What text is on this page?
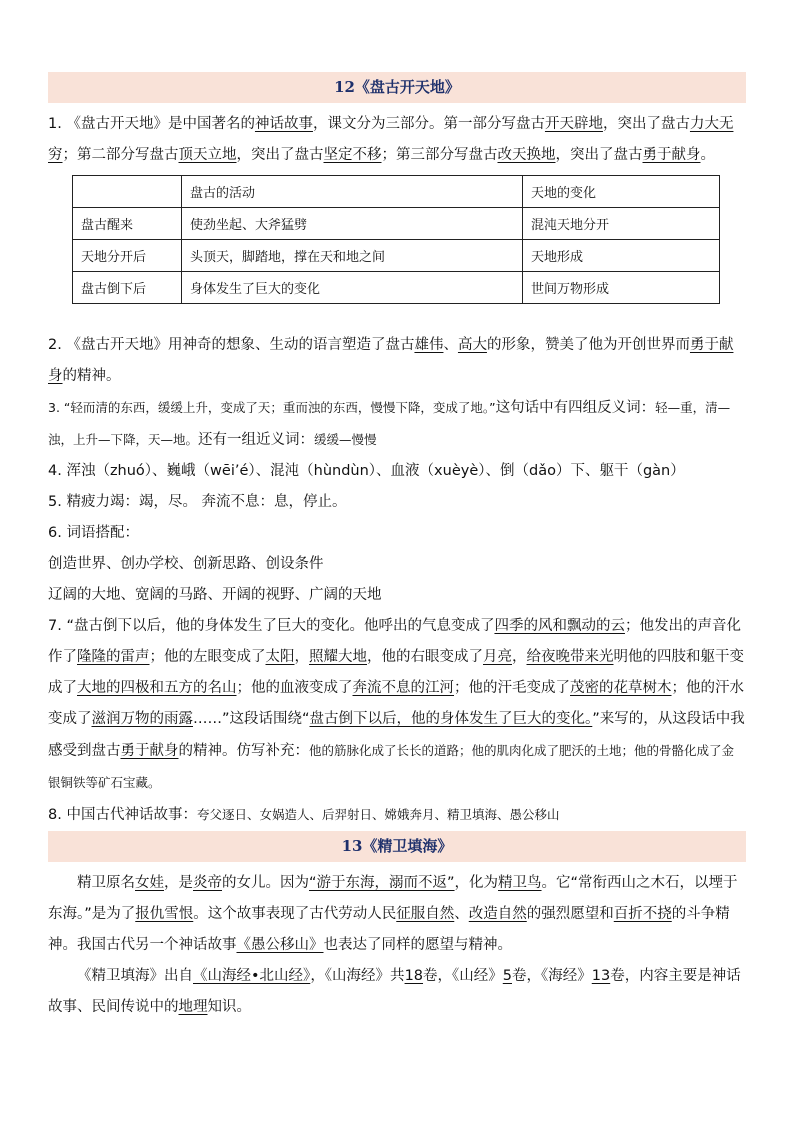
12《盘古开天地》

1. 《盘古开天地》是中国著名的神话故事，课文分为三部分。第一部分写盘古开天辟地，突出了盘古力大无穷；第二部分写盘古顶天立地，突出了盘古坚定不移；第三部分写盘古改天换地，突出了盘古勇于献身。

	盘古的活动	天地的变化
盘古醒来	使劲坐起、大斧猛劈	混沌天地分开
天地分开后	头顶天，脚踏地，撑在天和地之间	天地形成
盘古倒下后	身体发生了巨大的变化	世间万物形成

2. 《盘古开天地》用神奇的想象、生动的语言塑造了盘古雄伟、高大的形象，赞美了他为开创世界而勇于献身的精神。

3. “轻而清的东西，缓缓上升，变成了天；重而浊的东西，慢慢下降，变成了地。”这句话中有四组反义词：轻—重，清—浊，上升—下降，天—地。还有一组近义词：缓缓—慢慢

4. 浑浊（zhuó）、巍峨（wēi’é）、混沌（hùndùn）、血液（xuèyè）、倒（dǎo）下、躯干（gàn）

5. 精疲力竭：竭，尽。 奔流不息：息，停止。

6. 词语搭配：

创造世界、创办学校、创新思路、创设条件

辽阔的大地、宽阔的马路、开阔的视野、广阔的天地

7. “盘古倒下以后，他的身体发生了巨大的变化。他呼出的气息变成了四季的风和飘动的云；他发出的声音化作了隆隆的雷声；他的左眼变成了太阳，照耀大地，他的右眼变成了月亮，给夜晚带来光明他的四肢和躯干变成了大地的四极和五方的名山；他的血液变成了奔流不息的江河；他的汗毛变成了茂密的花草树木；他的汗水变成了滋润万物的雨露……”这段话围绕“盘古倒下以后，他的身体发生了巨大的变化。”来写的，从这段话中我感受到盘古勇于献身的精神。仿写补充：他的筋脉化成了长长的道路；他的肌肉化成了肥沃的土地；他的骨骼化成了金银铜铁等矿石宝藏。

8. 中国古代神话故事：夸父逐日、女娲造人、后羿射日、嫦娥奔月、精卫填海、愚公移山

13《精卫填海》

精卫原名女娃，是炎帝的女儿。因为“游于东海，溺而不返”，化为精卫鸟。它“常衔西山之木石，以堙于东海。”是为了报仇雪恨。这个故事表现了古代劳动人民征服自然、改造自然的强烈愿望和百折不挠的斗争精神。我国古代另一个神话故事《愚公移山》也表达了同样的愿望与精神。

《精卫填海》出自《山海经•北山经》，《山海经》共18卷，《山经》5卷，《海经》13卷，内容主要是神话故事、民间传说中的地理知识。
